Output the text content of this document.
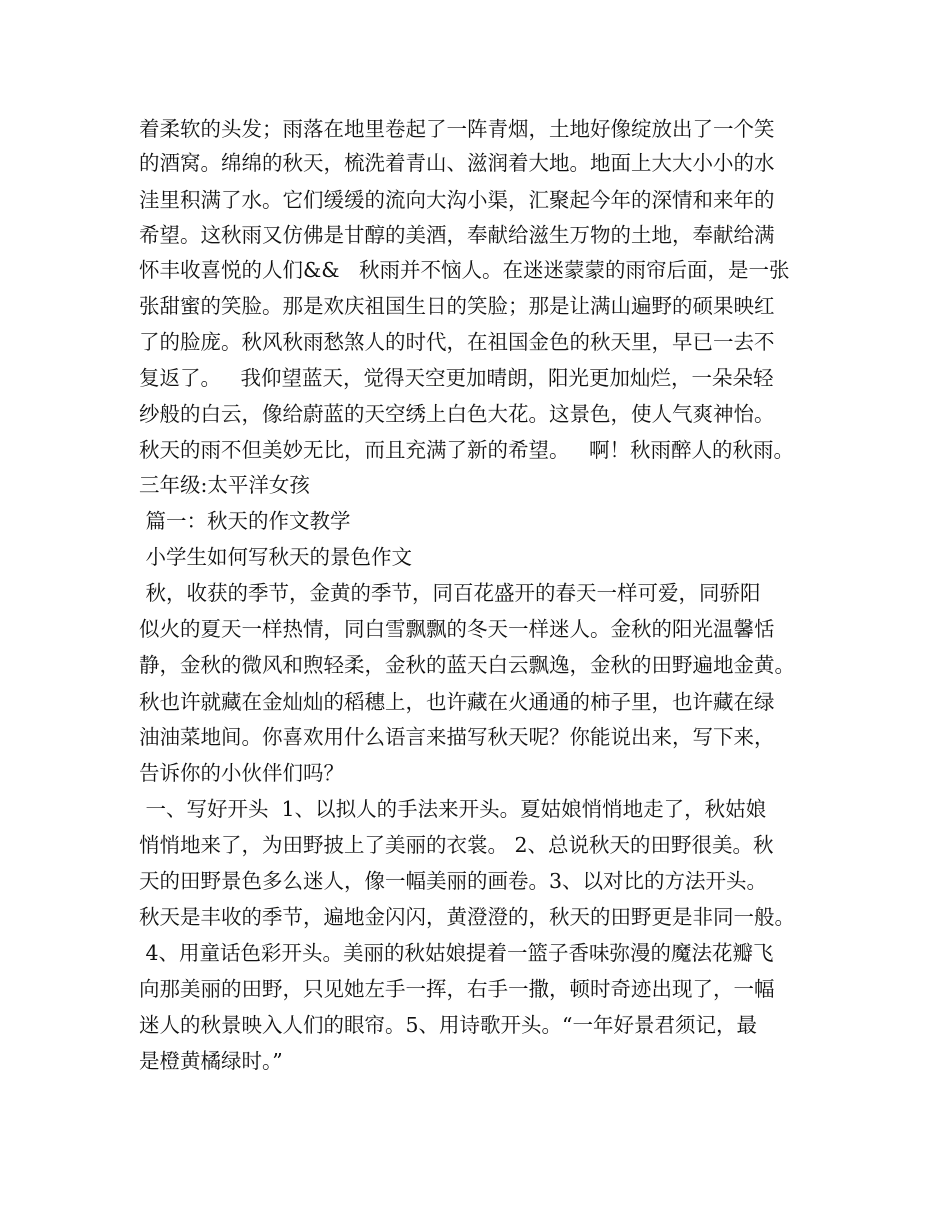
着柔软的头发；雨落在地里卷起了一阵青烟，土地好像绽放出了一个笑
的酒窝。绵绵的秋天，梳洗着青山、滋润着大地。地面上大大小小的水
洼里积满了水。它们缓缓的流向大沟小渠，汇聚起今年的深情和来年的
希望。这秋雨又仿佛是甘醇的美酒，奉献给滋生万物的土地，奉献给满
怀丰收喜悦的人们&&   秋雨并不恼人。在迷迷蒙蒙的雨帘后面，是一张
张甜蜜的笑脸。那是欢庆祖国生日的笑脸；那是让满山遍野的硕果映红
了的脸庞。秋风秋雨愁煞人的时代，在祖国金色的秋天里，早已一去不
复返了。   我仰望蓝天，觉得天空更加晴朗，阳光更加灿烂，一朵朵轻
纱般的白云，像给蔚蓝的天空绣上白色大花。这景色，使人气爽神怡。
秋天的雨不但美妙无比，而且充满了新的希望。   啊！秋雨醉人的秋雨。
三年级:太平洋女孩
篇一：秋天的作文教学
小学生如何写秋天的景色作文
秋，收获的季节，金黄的季节，同百花盛开的春天一样可爱，同骄阳
似火的夏天一样热情，同白雪飘飘的冬天一样迷人。金秋的阳光温馨恬
静，金秋的微风和煦轻柔，金秋的蓝天白云飘逸，金秋的田野遍地金黄。
秋也许就藏在金灿灿的稻穗上，也许藏在火通通的柿子里，也许藏在绿
油油菜地间。你喜欢用什么语言来描写秋天呢？你能说出来，写下来，
告诉你的小伙伴们吗？
一、写好开头  1、以拟人的手法来开头。夏姑娘悄悄地走了，秋姑娘
悄悄地来了，为田野披上了美丽的衣裳。 2、总说秋天的田野很美。秋
天的田野景色多么迷人，像一幅美丽的画卷。3、以对比的方法开头。
秋天是丰收的季节，遍地金闪闪，黄澄澄的，秋天的田野更是非同一般。
4、用童话色彩开头。美丽的秋姑娘提着一篮子香味弥漫的魔法花瓣飞
向那美丽的田野，只见她左手一挥，右手一撒，顿时奇迹出现了，一幅
迷人的秋景映入人们的眼帘。5、用诗歌开头。“一年好景君须记，最
是橙黄橘绿时。”
